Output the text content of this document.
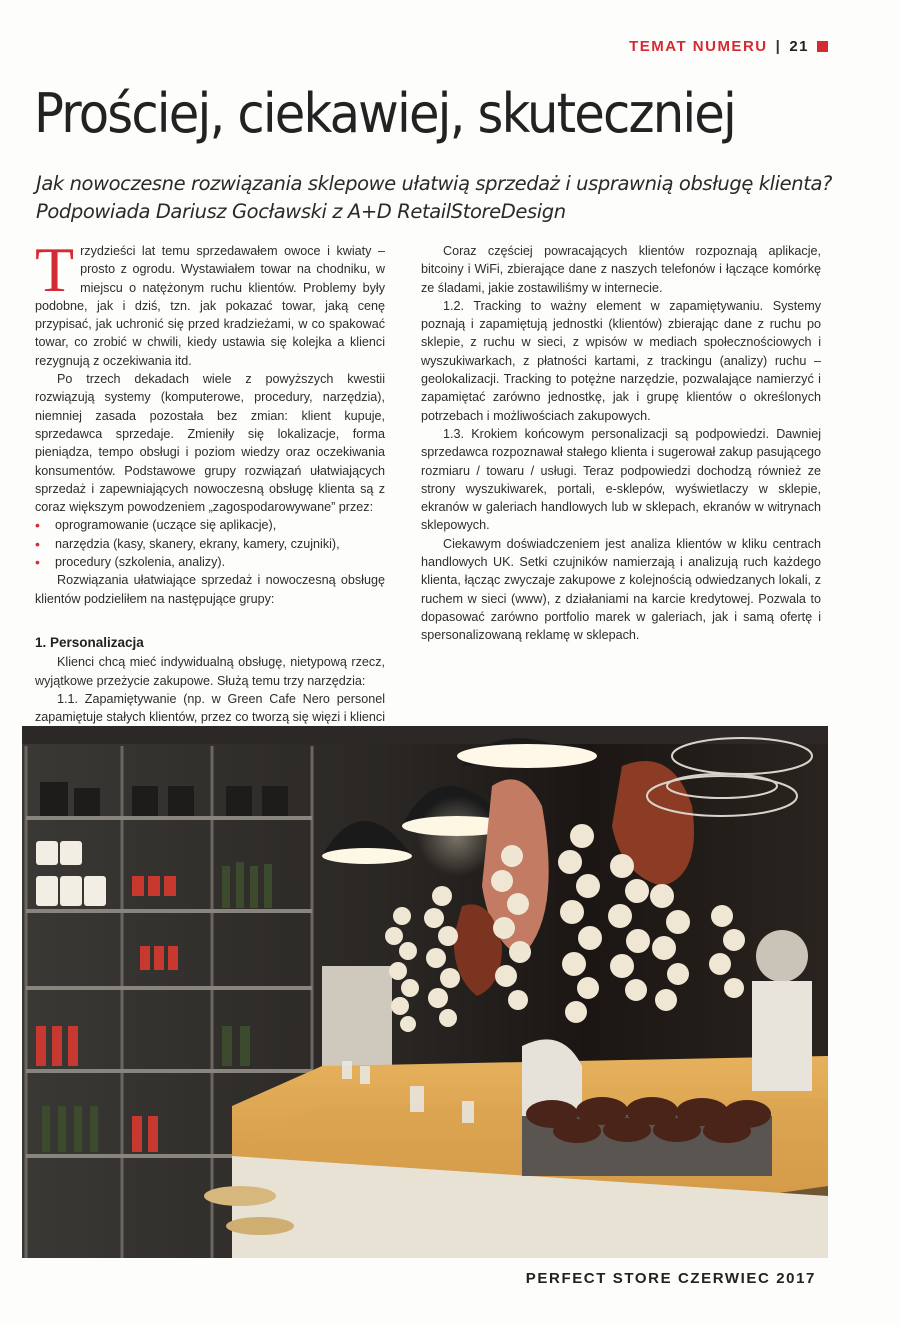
TEMAT NUMERU | 21
Prościej, ciekawiej, skuteczniej

Jak nowoczesne rozwiązania sklepowe ułatwią sprzedaż i usprawnią obsługę klienta? Podpowiada Dariusz Gocławski z A+D RetailStoreDesign

Trzydzieści lat temu sprzedawałem owoce i kwiaty – prosto z ogrodu. Wystawiałem towar na chodniku, w miejscu o natężonym ruchu klientów. Problemy były podobne, jak i dziś, tzn. jak pokazać towar, jaką cenę przypisać, jak uchronić się przed kradzieżami, w co spakować towar, co zrobić w chwili, kiedy ustawia się kolejka a klienci rezygnują z oczekiwania itd.

Po trzech dekadach wiele z powyższych kwestii rozwiązują systemy (komputerowe, procedury, narzędzia), niemniej zasada pozostała bez zmian: klient kupuje, sprzedawca sprzedaje. Zmieniły się lokalizacje, forma pieniądza, tempo obsługi i poziom wiedzy oraz oczekiwania konsumentów. Podstawowe grupy rozwiązań ułatwiających sprzedaż i zapewniających nowoczesną obsługę klienta są z coraz większym powodzeniem „zagospodarowywane” przez:

• oprogramowanie (uczące się aplikacje),
• narzędzia (kasy, skanery, ekrany, kamery, czujniki),
• procedury (szkolenia, analizy).

Rozwiązania ułatwiające sprzedaż i nowoczesną obsługę klientów podzieliłem na następujące grupy:

1. Personalizacja

Klienci chcą mieć indywidualną obsługę, nietypową rzecz, wyjątkowe przeżycie zakupowe. Służą temu trzy narzędzia:

1.1. Zapamiętywanie (np. w Green Cafe Nero personel zapamiętuje stałych klientów, przez co tworzą się więzi i klienci

Coraz częściej powracających klientów rozpoznają aplikacje, bitcoiny i WiFi, zbierające dane z naszych telefonów i łączące komórkę ze śladami, jakie zostawiliśmy w internecie.

1.2. Tracking to ważny element w zapamiętywaniu. Systemy poznają i zapamiętują jednostki (klientów) zbierając dane z ruchu po sklepie, z ruchu w sieci, z wpisów w mediach społecznościowych i wyszukiwarkach, z płatności kartami, z trackingu (analizy) ruchu – geolokalizacji. Tracking to potężne narzędzie, pozwalające namierzyć i zapamiętać zarówno jednostkę, jak i grupę klientów o określonych potrzebach i możliwościach zakupowych.

1.3. Krokiem końcowym personalizacji są podpowiedzi. Dawniej sprzedawca rozpoznawał stałego klienta i sugerował zakup pasującego rozmiaru / towaru / usługi. Teraz podpowiedzi dochodzą również ze strony wyszukiwarek, portali, e-sklepów, wyświetlaczy w sklepie, ekranów w galeriach handlowych lub w sklepach, ekranów w witrynach sklepowych.

Ciekawym doświadczeniem jest analiza klientów w kliku centrach handlowych UK. Setki czujników namierzają i analizują ruch każdego klienta, łącząc zwyczaje zakupowe z kolejnością odwiedzanych lokali, z ruchem w sieci (www), z działaniami na karcie kredytowej. Pozwala to dopasować zarówno portfolio marek w galeriach, jak i samą ofertę i spersonalizowaną reklamę w sklepach.

PERFECT STORE CZERWIEC 2017
